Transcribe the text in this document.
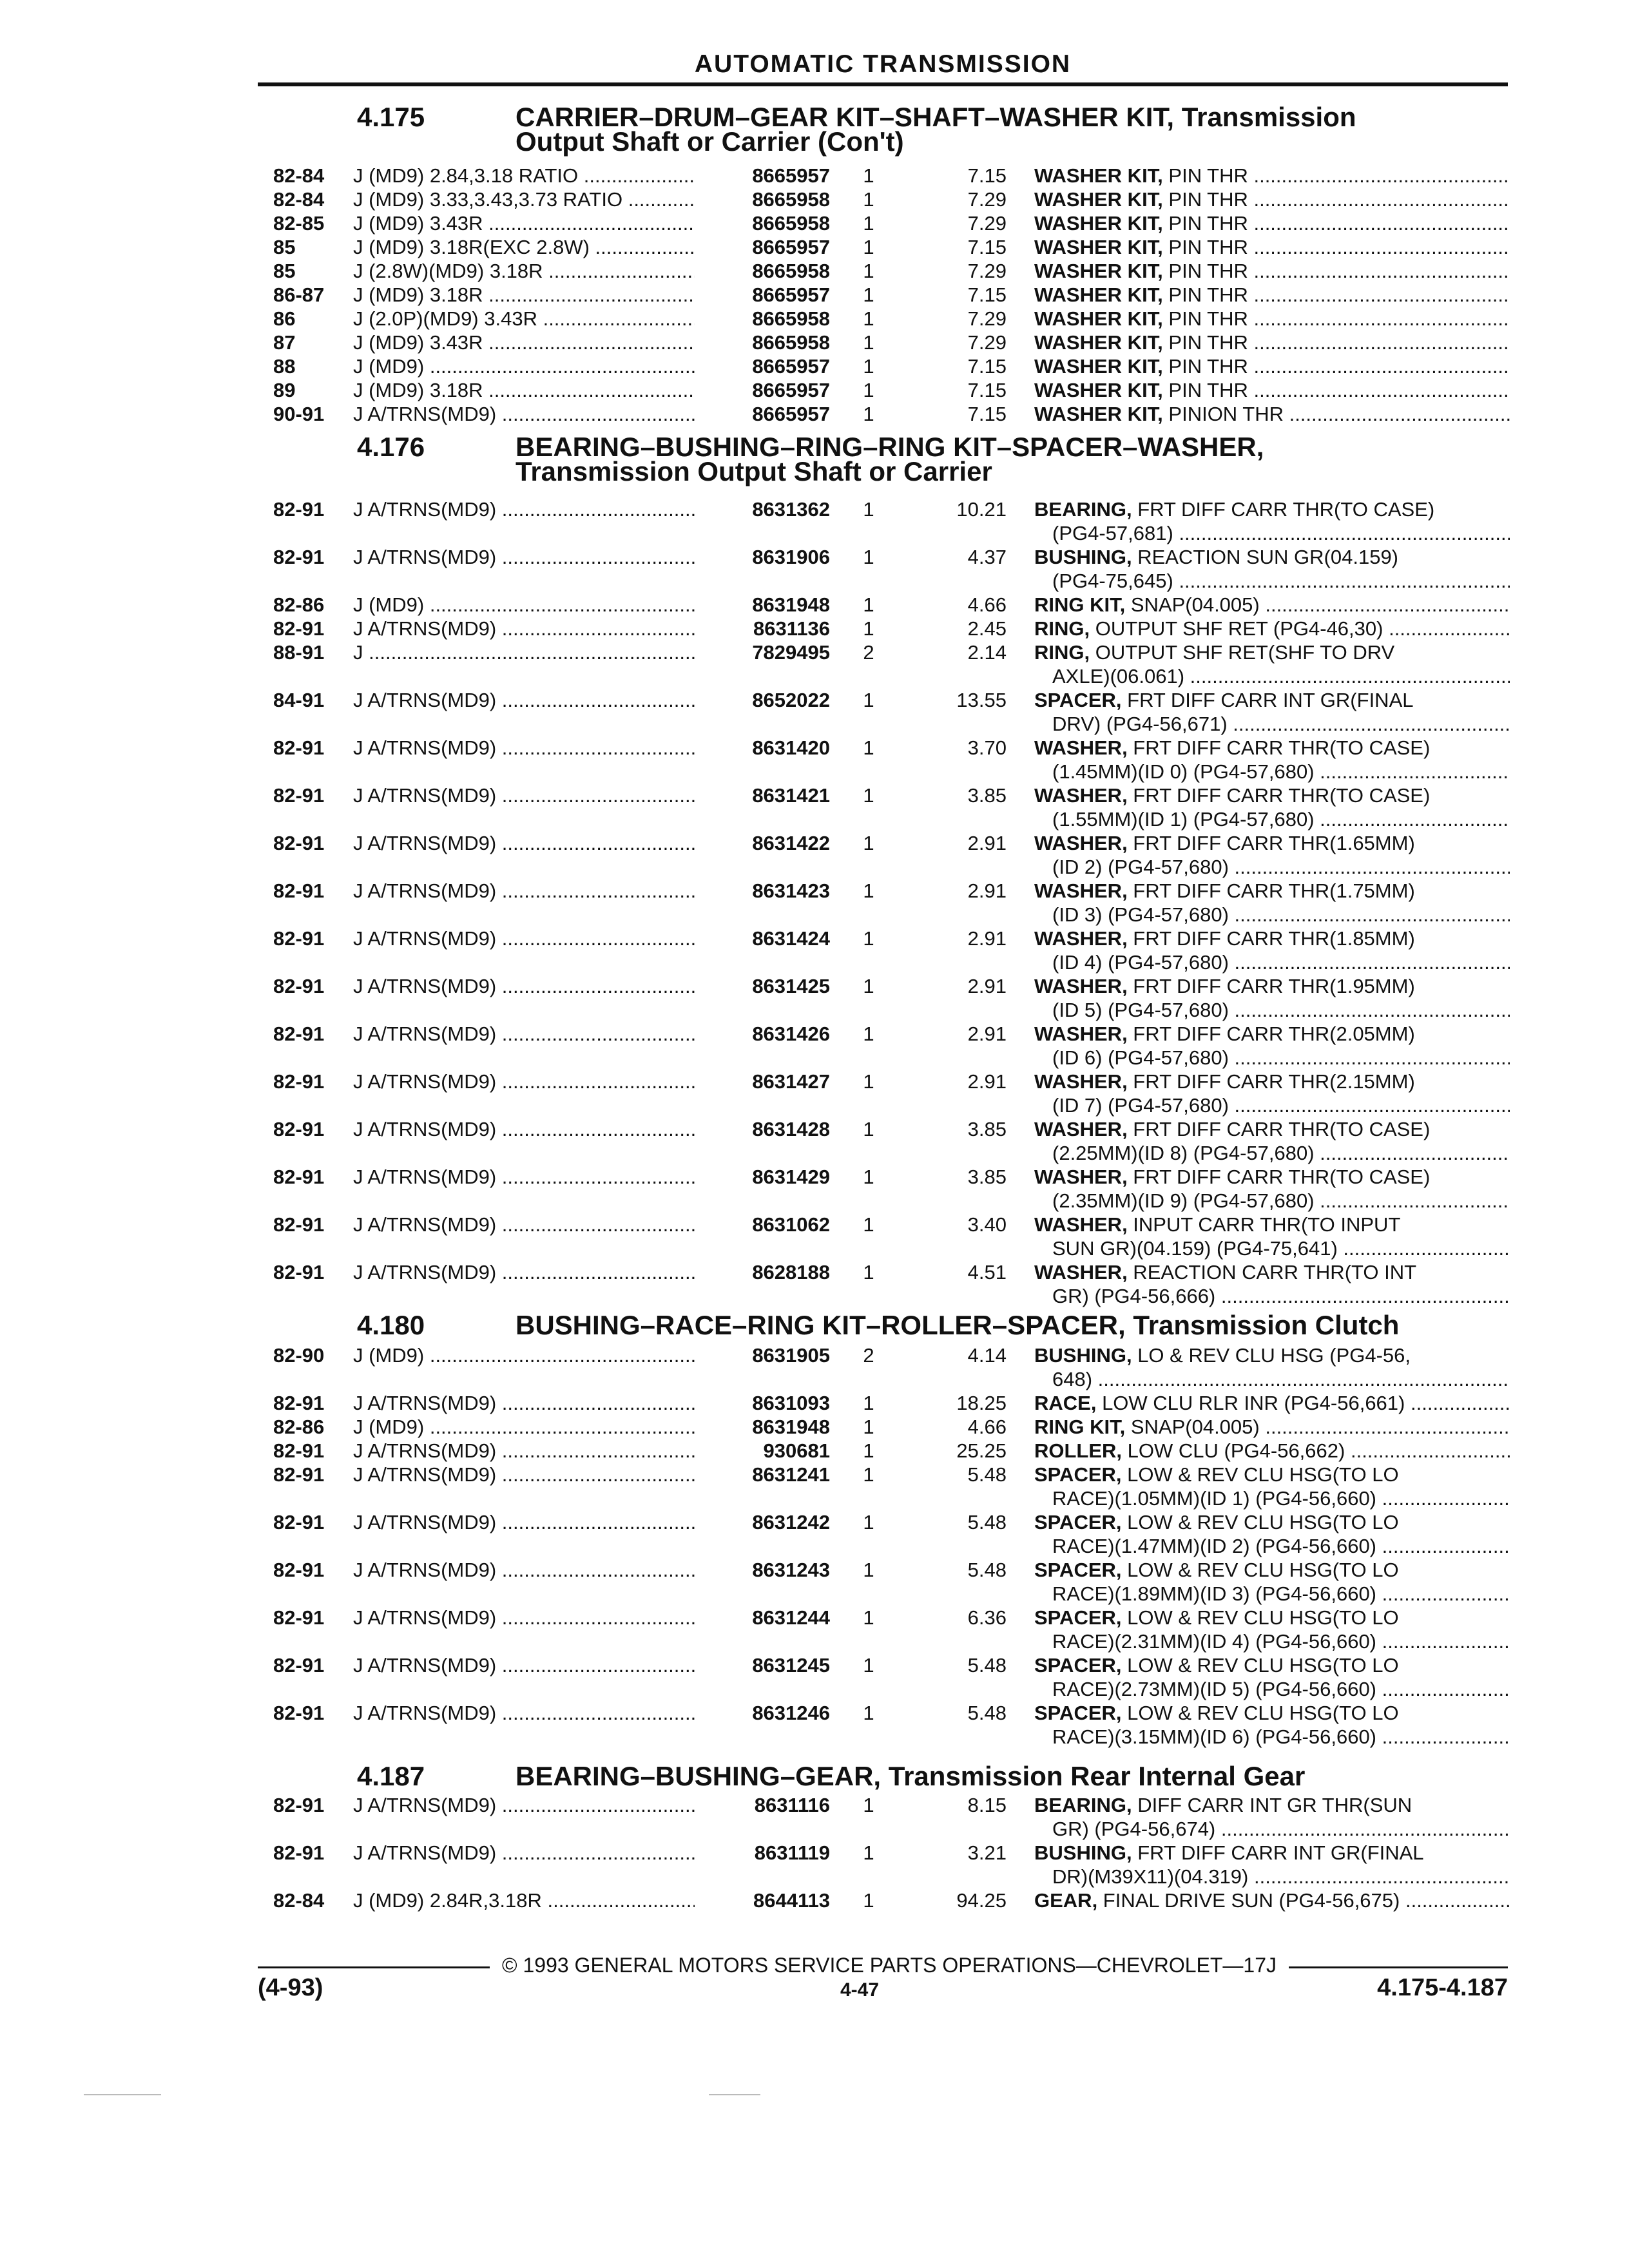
AUTOMATIC TRANSMISSION
4.175	CARRIER–DRUM–GEAR KIT–SHAFT–WASHER KIT, Transmission
Output Shaft or Carrier (Con't)
82-84 J (MD9) 2.84,3.18 RATIO .....	8665957 1	7.15 WASHER KIT, PIN THR .....
82-84 J (MD9) 3.33,3.43,3.73 RATIO .....	8665958 1	7.29 WASHER KIT, PIN THR .....
82-85 J (MD9) 3.43R .....	8665958 1	7.29 WASHER KIT, PIN THR .....
85	J (MD9) 3.18R(EXC 2.8W) .....	8665957 1	7.15 WASHER KIT, PIN THR .....
85	J (2.8W)(MD9) 3.18R .....	8665958 1	7.29 WASHER KIT, PIN THR .....
86-87 J (MD9) 3.18R .....	8665957 1	7.15 WASHER KIT, PIN THR .....
86	J (2.0P)(MD9) 3.43R .....	8665958 1	7.29 WASHER KIT, PIN THR .....
87	J (MD9) 3.43R .....	8665958 1	7.29 WASHER KIT, PIN THR .....
88	J (MD9) .....	8665957 1	7.15 WASHER KIT, PIN THR .....
89	J (MD9) 3.18R .....	8665957 1	7.15 WASHER KIT, PIN THR .....
90-91 J A/TRNS(MD9) .....	8665957 1	7.15 WASHER KIT, PINION THR .....
4.176	BEARING–BUSHING–RING–RING KIT–SPACER–WASHER,
Transmission Output Shaft or Carrier
82-91 J A/TRNS(MD9) .....	8631362 1	10.21 BEARING, FRT DIFF CARR THR(TO CASE)
(PG4-57,681) .....
82-91 J A/TRNS(MD9) .....	8631906 1	4.37 BUSHING, REACTION SUN GR(04.159)
(PG4-75,645) .....
82-86 J (MD9) .....	8631948 1	4.66 RING KIT, SNAP(04.005) .....
82-91 J A/TRNS(MD9) .....	8631136 1	2.45 RING, OUTPUT SHF RET (PG4-46,30) .....
88-91 J .....	7829495 2	2.14 RING, OUTPUT SHF RET(SHF TO DRV
AXLE)(06.061) .....
84-91 J A/TRNS(MD9) .....	8652022 1	13.55 SPACER, FRT DIFF CARR INT GR(FINAL
DRV) (PG4-56,671) .....
82-91 J A/TRNS(MD9) .....	8631420 1	3.70 WASHER, FRT DIFF CARR THR(TO CASE)
(1.45MM)(ID 0) (PG4-57,680) .....
82-91 J A/TRNS(MD9) .....	8631421 1	3.85 WASHER, FRT DIFF CARR THR(TO CASE)
(1.55MM)(ID 1) (PG4-57,680) .....
82-91 J A/TRNS(MD9) .....	8631422 1	2.91 WASHER, FRT DIFF CARR THR(1.65MM)
(ID 2) (PG4-57,680) .....
82-91 J A/TRNS(MD9) .....	8631423 1	2.91 WASHER, FRT DIFF CARR THR(1.75MM)
(ID 3) (PG4-57,680) .....
82-91 J A/TRNS(MD9) .....	8631424 1	2.91 WASHER, FRT DIFF CARR THR(1.85MM)
(ID 4) (PG4-57,680) .....
82-91 J A/TRNS(MD9) .....	8631425 1	2.91 WASHER, FRT DIFF CARR THR(1.95MM)
(ID 5) (PG4-57,680) .....
82-91 J A/TRNS(MD9) .....	8631426 1	2.91 WASHER, FRT DIFF CARR THR(2.05MM)
(ID 6) (PG4-57,680) .....
82-91 J A/TRNS(MD9) .....	8631427 1	2.91 WASHER, FRT DIFF CARR THR(2.15MM)
(ID 7) (PG4-57,680) .....
82-91 J A/TRNS(MD9) .....	8631428 1	3.85 WASHER, FRT DIFF CARR THR(TO CASE)
(2.25MM)(ID 8) (PG4-57,680) .....
82-91 J A/TRNS(MD9) .....	8631429 1	3.85 WASHER, FRT DIFF CARR THR(TO CASE)
(2.35MM)(ID 9) (PG4-57,680) .....
82-91 J A/TRNS(MD9) .....	8631062 1	3.40 WASHER, INPUT CARR THR(TO INPUT
SUN GR)(04.159) (PG4-75,641) .....
82-91 J A/TRNS(MD9) .....	8628188 1	4.51 WASHER, REACTION CARR THR(TO INT
GR) (PG4-56,666) .....
4.180	BUSHING–RACE–RING KIT–ROLLER–SPACER, Transmission Clutch
82-90 J (MD9) .....	8631905 2	4.14 BUSHING, LO & REV CLU HSG (PG4-56,
648) .....
82-91 J A/TRNS(MD9) .....	8631093 1	18.25 RACE, LOW CLU RLR INR (PG4-56,661) .....
82-86 J (MD9) .....	8631948 1	4.66 RING KIT, SNAP(04.005) .....
82-91 J A/TRNS(MD9) .....	930681 1	25.25 ROLLER, LOW CLU (PG4-56,662) .....
82-91 J A/TRNS(MD9) .....	8631241 1	5.48 SPACER, LOW & REV CLU HSG(TO LO
RACE)(1.05MM)(ID 1) (PG4-56,660) .....
82-91 J A/TRNS(MD9) .....	8631242 1	5.48 SPACER, LOW & REV CLU HSG(TO LO
RACE)(1.47MM)(ID 2) (PG4-56,660) .....
82-91 J A/TRNS(MD9) .....	8631243 1	5.48 SPACER, LOW & REV CLU HSG(TO LO
RACE)(1.89MM)(ID 3) (PG4-56,660) .....
82-91 J A/TRNS(MD9) .....	8631244 1	6.36 SPACER, LOW & REV CLU HSG(TO LO
RACE)(2.31MM)(ID 4) (PG4-56,660) .....
82-91 J A/TRNS(MD9) .....	8631245 1	5.48 SPACER, LOW & REV CLU HSG(TO LO
RACE)(2.73MM)(ID 5) (PG4-56,660) .....
82-91 J A/TRNS(MD9) .....	8631246 1	5.48 SPACER, LOW & REV CLU HSG(TO LO
RACE)(3.15MM)(ID 6) (PG4-56,660) .....
4.187	BEARING–BUSHING–GEAR, Transmission Rear Internal Gear
82-91 J A/TRNS(MD9) .....	8631116 1	8.15 BEARING, DIFF CARR INT GR THR(SUN
GR) (PG4-56,674) .....
82-91 J A/TRNS(MD9) .....	8631119 1	3.21 BUSHING, FRT DIFF CARR INT GR(FINAL
DR)(M39X11)(04.319) .....
82-84 J (MD9) 2.84R,3.18R .....	8644113 1	94.25 GEAR, FINAL DRIVE SUN (PG4-56,675) .....
© 1993 GENERAL MOTORS SERVICE PARTS OPERATIONS—CHEVROLET—17J
(4-93)	4-47	4.175-4.187
